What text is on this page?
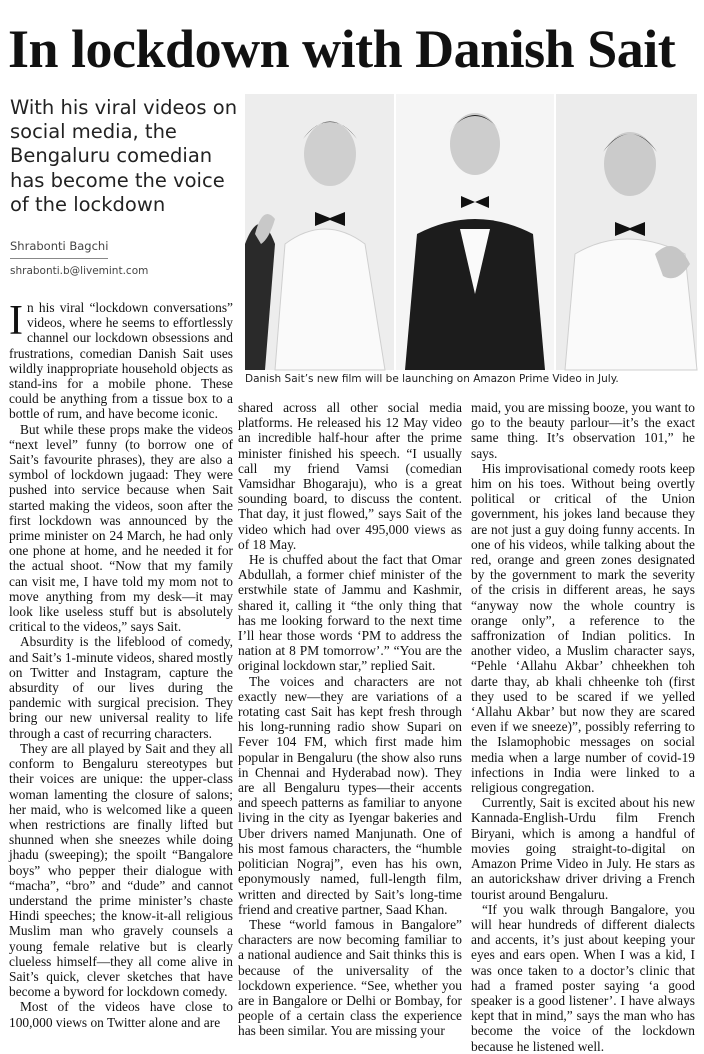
In lockdown with Danish Sait
With his viral videos on social media, the Bengaluru comedian has become the voice of the lockdown
Shrabonti Bagchi
shrabonti.b@livemint.com
Danish Sait’s new film will be launching on Amazon Prime Video in July.

In his viral “lockdown conversations” videos, where he seems to effortlessly channel our lockdown obsessions and frustrations, comedian Danish Sait uses wildly inappropriate household objects as stand-ins for a mobile phone. These could be anything from a tissue box to a bottle of rum, and have become iconic.

But while these props make the videos “next level” funny (to borrow one of Sait’s favourite phrases), they are also a symbol of lockdown jugaad: They were pushed into service because when Sait started making the videos, soon after the first lockdown was announced by the prime minister on 24 March, he had only one phone at home, and he needed it for the actual shoot. “Now that my family can visit me, I have told my mom not to move anything from my desk—it may look like useless stuff but is absolutely critical to the videos,” says Sait.

Absurdity is the lifeblood of comedy, and Sait’s 1-minute videos, shared mostly on Twitter and Instagram, capture the absurdity of our lives during the pandemic with surgical precision. They bring our new universal reality to life through a cast of recurring characters.

They are all played by Sait and they all conform to Bengaluru stereotypes but their voices are unique: the upper-class woman lamenting the closure of salons; her maid, who is welcomed like a queen when restrictions are finally lifted but shunned when she sneezes while doing jhadu (sweeping); the spoilt “Bangalore boys” who pepper their dialogue with “macha”, “bro” and “dude” and cannot understand the prime minister’s chaste Hindi speeches; the know-it-all religious Muslim man who gravely counsels a young female relative but is clearly clueless himself—they all come alive in Sait’s quick, clever sketches that have become a byword for lockdown comedy.

Most of the videos have close to 100,000 views on Twitter alone and are

shared across all other social media platforms. He released his 12 May video an incredible half-hour after the prime minister finished his speech. “I usually call my friend Vamsi (comedian Vamsidhar Bhogaraju), who is a great sounding board, to discuss the content. That day, it just flowed,” says Sait of the video which had over 495,000 views as of 18 May.

He is chuffed about the fact that Omar Abdullah, a former chief minister of the erstwhile state of Jammu and Kashmir, shared it, calling it “the only thing that has me looking forward to the next time I’ll hear those words ‘PM to address the nation at 8 PM tomorrow’.” “You are the original lockdown star,” replied Sait.

The voices and characters are not exactly new—they are variations of a rotating cast Sait has kept fresh through his long-running radio show Supari on Fever 104 FM, which first made him popular in Bengaluru (the show also runs in Chennai and Hyderabad now). They are all Bengaluru types—their accents and speech patterns as familiar to anyone living in the city as Iyengar bakeries and Uber drivers named Manjunath. One of his most famous characters, the “humble politician Nograj”, even has his own, eponymously named, full-length film, written and directed by Sait’s long-time friend and creative partner, Saad Khan.

These “world famous in Bangalore” characters are now becoming familiar to a national audience and Sait thinks this is because of the universality of the lockdown experience. “See, whether you are in Bangalore or Delhi or Bombay, for people of a certain class the experience has been similar. You are missing your

maid, you are missing booze, you want to go to the beauty parlour—it’s the exact same thing. It’s observation 101,” he says.

His improvisational comedy roots keep him on his toes. Without being overtly political or critical of the Union government, his jokes land because they are not just a guy doing funny accents. In one of his videos, while talking about the red, orange and green zones designated by the government to mark the severity of the crisis in different areas, he says “anyway now the whole country is orange only”, a reference to the saffronization of Indian politics. In another video, a Muslim character says, “Pehle ‘Allahu Akbar’ chheekhen toh darte thay, ab khali chheenke toh (first they used to be scared if we yelled ‘Allahu Akbar’ but now they are scared even if we sneeze)”, possibly referring to the Islamophobic messages on social media when a large number of covid-19 infections in India were linked to a religious congregation.

Currently, Sait is excited about his new Kannada-English-Urdu film French Biryani, which is among a handful of movies going straight-to-digital on Amazon Prime Video in July. He stars as an autorickshaw driver driving a French tourist around Bengaluru.

“If you walk through Bangalore, you will hear hundreds of different dialects and accents, it’s just about keeping your eyes and ears open. When I was a kid, I was once taken to a doctor’s clinic that had a framed poster saying ‘a good speaker is a good listener’. I have always kept that in mind,” says the man who has become the voice of the lockdown because he listened well.
